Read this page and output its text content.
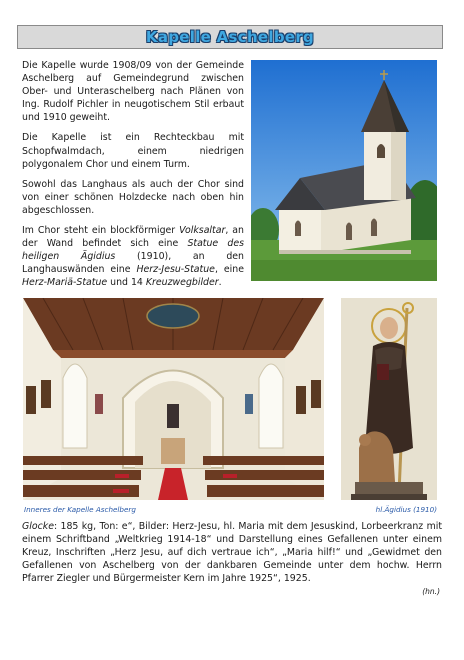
Kapelle Aschelberg

Die Kapelle wurde 1908/09 von der Gemeinde Aschelberg auf Gemeindegrund zwischen Ober- und Unteraschelberg nach Plänen von Ing. Rudolf Pichler in neugotischem Stil erbaut und 1910 geweiht.

Die Kapelle ist ein Rechteckbau mit Schopfwalmdach, einem niedrigen polygonalem Chor und einem Turm.

Sowohl das Langhaus als auch der Chor sind von einer schönen Holzdecke nach oben hin abgeschlossen.

Im Chor steht ein blockförmiger Volksaltar, an der Wand befindet sich eine Statue des heiligen Ägidius (1910), an den Langhauswänden eine Herz-Jesu-Statue, eine Herz-Mariä-Statue und 14 Kreuzwegbilder.

Inneres der Kapelle Aschelberg	hl.Ägidius (1910)

Glocke: 185 kg, Ton: e“, Bilder: Herz-Jesu, hl. Maria mit dem Jesuskind, Lorbeerkranz mit einem Schriftband „Weltkrieg 1914-18“ und Darstellung eines Gefallenen unter einem Kreuz, Inschriften „Herz Jesu, auf dich vertraue ich“, „Maria hilf!“ und „Gewidmet den Gefallenen von Aschelberg von der dankbaren Gemeinde unter dem hochw. Herrn Pfarrer Ziegler und Bürgermeister Kern im Jahre 1925“, 1925.

(hn.)
